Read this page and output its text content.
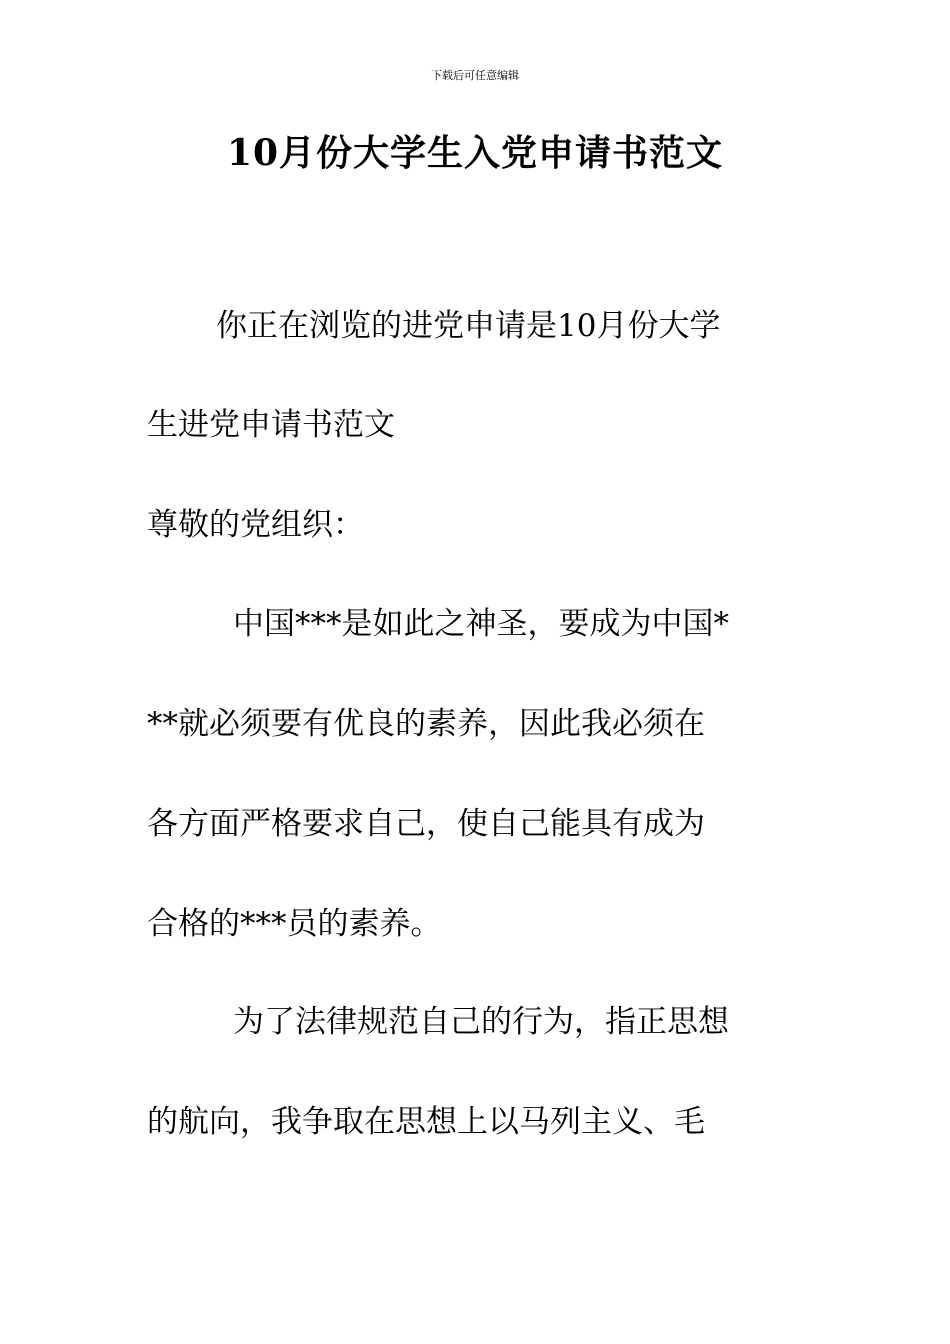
下载后可任意编辑
10月份大学生入党申请书范文
你正在浏览的进党申请是10月份大学
生进党申请书范文
尊敬的党组织：
中国***是如此之神圣，要成为中国*
**就必须要有优良的素养，因此我必须在
各方面严格要求自己，使自己能具有成为
合格的***员的素养。
为了法律规范自己的行为，指正思想
的航向，我争取在思想上以马列主义、毛
